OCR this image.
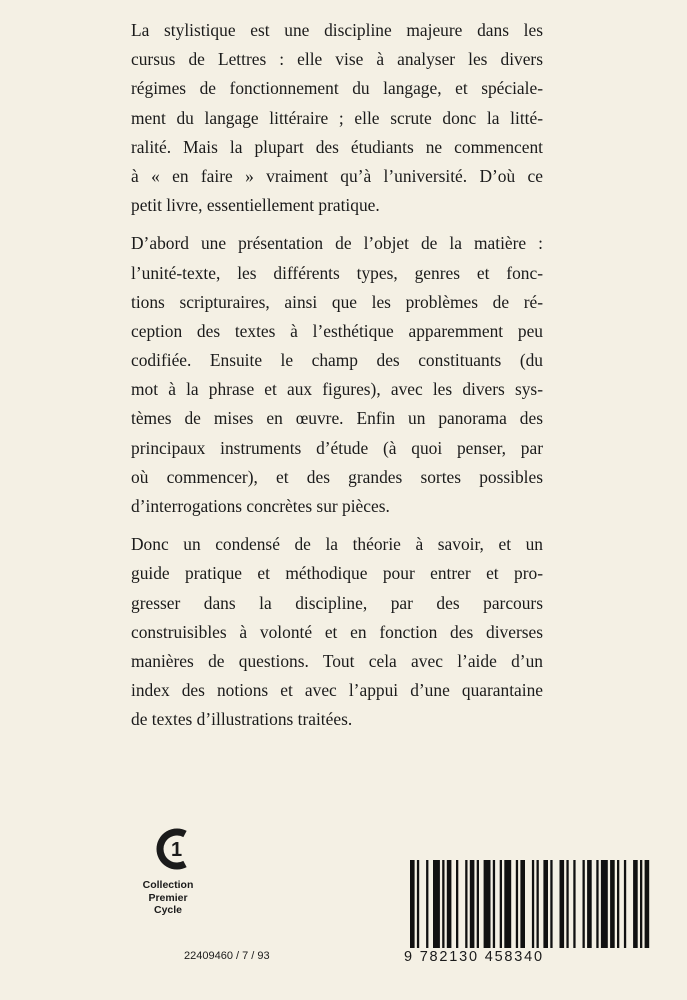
La stylistique est une discipline majeure dans les
cursus de Lettres : elle vise à analyser les divers
régimes de fonctionnement du langage, et spéciale-
ment du langage littéraire ; elle scrute donc la litté-
ralité. Mais la plupart des étudiants ne commencent
à « en faire » vraiment qu’à l’université. D’où ce
petit livre, essentiellement pratique.
D’abord une présentation de l’objet de la matière :
l’unité-texte, les différents types, genres et fonc-
tions scripturaires, ainsi que les problèmes de ré-
ception des textes à l’esthétique apparemment peu
codifiée. Ensuite le champ des constituants (du
mot à la phrase et aux figures), avec les divers sys-
tèmes de mises en œuvre. Enfin un panorama des
principaux instruments d’étude (à quoi penser, par
où commencer), et des grandes sortes possibles
d’interrogations concrètes sur pièces.
Donc un condensé de la théorie à savoir, et un
guide pratique et méthodique pour entrer et pro-
gresser dans la discipline, par des parcours
construisibles à volonté et en fonction des diverses
manières de questions. Tout cela avec l’aide d’un
index des notions et avec l’appui d’une quarantaine
de textes d’illustrations traitées.
1
Collection
Premier
Cycle
22409460 / 7 / 93	9 782130 458340
